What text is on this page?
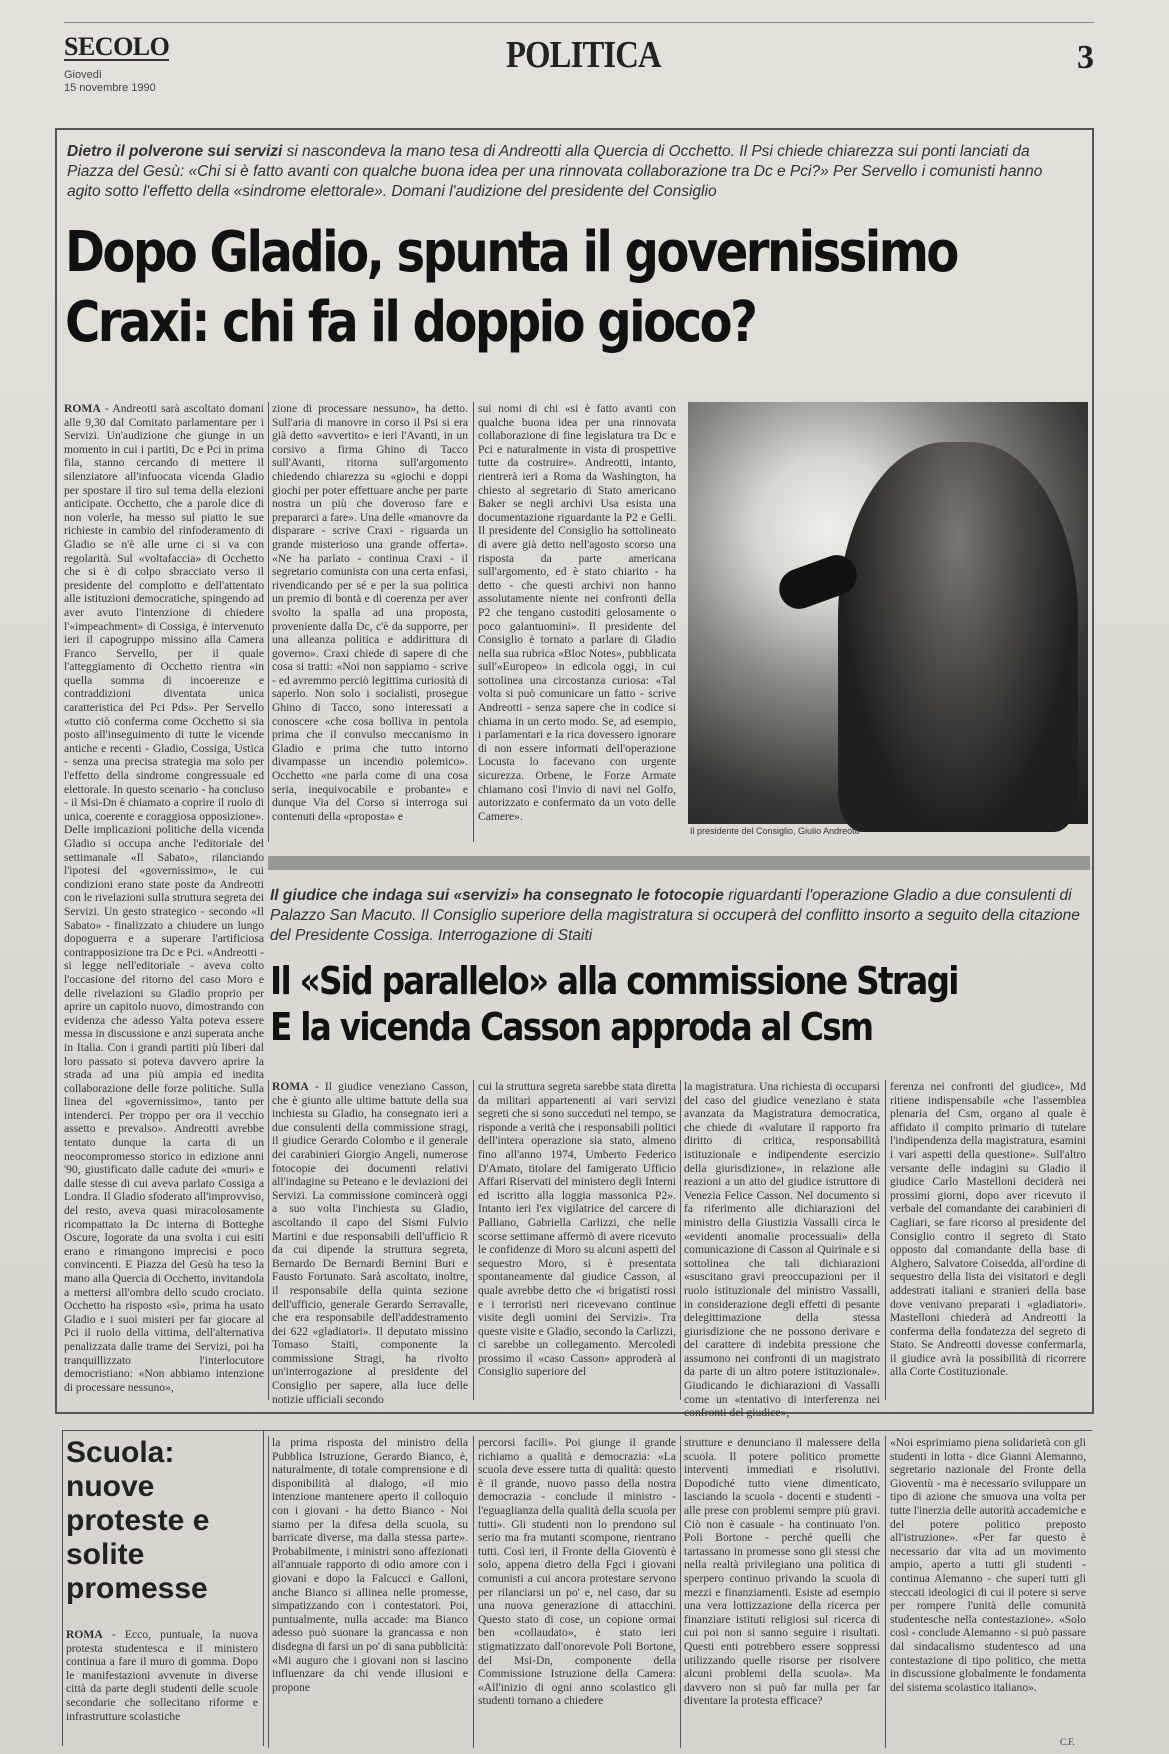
SECOLO
Giovedì
15 novembre 1990
POLITICA	3
Dietro il polverone sui servizi si nascondeva la mano tesa di Andreotti alla Quercia di Occhetto. Il Psi chiede chiarezza sui ponti lanciati da Piazza del Gesù: «Chi si è fatto avanti con qualche buona idea per una rinnovata collaborazione tra Dc e Pci?» Per Servello i comunisti hanno agito sotto l'effetto della «sindrome elettorale». Domani l'audizione del presidente del Consiglio
Dopo Gladio, spunta il governissimo
Craxi: chi fa il doppio gioco?
ROMA - Andreotti sarà ascoltato domani alle 9,30 dal Comitato parlamentare per i Servizi. Un'audizione che giunge in un momento in cui i partiti, Dc e Pci in prima fila, stanno cercando di mettere il silenziatore all'infuocata vicenda Gladio per spostare il tiro sul tema della elezioni anticipate. Occhetto, che a parole dice di non volerle, ha messo sul piatto le sue richieste in cambio del rinfoderamento di Gladio se n'è alle urne ci si va con regolarità. Sul «voltafaccia» di Occhetto che si è di colpo sbracciato verso il presidente del complotto e dell'attentato alle istituzioni democratiche, spingendo ad aver avuto l'intenzione di chiedere l'«impeachment» di Cossiga, è intervenuto ieri il capogruppo missino alla Camera Franco Servello, per il quale l'atteggiamento di Occhetto rientra «in quella somma di incoerenze e contraddizioni diventata unica caratteristica del Pci Pds». Per Servello «tutto ciò conferma come Occhetto si sia posto all'inseguimento di tutte le vicende antiche e recenti - Gladio, Cossiga, Ustica - senza una precisa strategia ma solo per l'effetto della sindrome congressuale ed elettorale. In questo scenario - ha concluso - il Msi-Dn è chiamato a coprire il ruolo di unica, coerente e coraggiosa opposizione». Delle implicazioni politiche della vicenda Gladio si occupa anche l'editoriale del settimanale «Il Sabato», rilanciando l'ipotesi del «governissimo», le cui condizioni erano state poste da Andreotti con le rivelazioni sulla struttura segreta dei Servizi. Un gesto strategico - secondo «Il Sabato» - finalizzato a chiudere un lungo dopoguerra e a superare l'artificiosa contrapposizione tra Dc e Pci. «Andreotti - si legge nell'editoriale - aveva colto l'occasione del ritorno del caso Moro e delle rivelazioni su Gladio proprio per aprire un capitolo nuovo, dimostrando con evidenza che adesso Yalta poteva essere messa in discussione e anzi superata anche in Italia. Con i grandi partiti più liberi dal loro passato si poteva davvero aprire la strada ad una più ampia ed inedita collaborazione delle forze politiche. Sulla linea del «governissimo», tanto per intenderci. Per troppo per ora il vecchio assetto e prevalso». Andreotti avrebbe tentato dunque la carta di un neocompromesso storico in edizione anni '90, giustificato dalle cadute dei «muri» e dalle stesse di cui aveva parlato Cossiga a Londra. Il Gladio sfoderato all'improvviso, del resto, aveva quasi miracolosamente ricompattato la Dc interna di Botteghe Oscure, logorate da una svolta i cui esiti erano e rimangono imprecisi e poco convincenti. E Piazza del Gesù ha teso la mano alla Quercia di Occhetto, invitandola a mettersi all'ombra dello scudo crociato. Occhetto ha risposto «sì», prima ha usato Gladio e i suoi misteri per far giocare al Pci il ruolo della vittima, dell'alternativa penalizzata dalle trame dei Servizi, poi ha tranquillizzato l'interlocutore democristiano: «Non abbiamo intenzione di processare nessuno»,
zione di processare nessuno», ha detto. Sull'aria di manovre in corso il Psi si era già detto «avvertito» e ieri l'Avanti, in un corsivo a firma Ghino di Tacco sull'Avanti, ritorna sull'argomento chiedendo chiarezza su «giochi e doppi giochi per poter effettuare anche per parte nostra un più che doveroso fare e prepararci a fare». Una delle «manovre da disparare - scrive Craxi - riguarda un grande misterioso una grande offerta». «Ne ha parlato - continua Craxi - il segretario comunista con una certa enfasi, rivendicando per sé e per la sua politica un premio di bontà e di coerenza per aver svolto la spalla ad una proposta, proveniente dalla Dc, c'è da supporre, per una alleanza politica e addirittura di governo». Craxi chiede di sapere di che cosa si tratti: «Noi non sappiamo - scrive - ed avremmo perciò legittima curiosità di saperlo. Non solo i socialisti, prosegue Ghino di Tacco, sono interessati a conoscere «che cosa bolliva in pentola prima che il convulso meccanismo in Gladio e prima che tutto intorno divampasse un incendio polemico». Occhetto «ne parla come di una cosa seria, inequivocabile e probante» e dunque Via del Corso si interroga sui contenuti della «proposta» e
sui nomi di chi «si è fatto avanti con qualche buona idea per una rinnovata collaborazione di fine legislatura tra Dc e Pci e naturalmente in vista di prospettive tutte da costruire». Andreotti, intanto, rientrerà ieri a Roma da Washington, ha chiesto al segretario di Stato americano Baker se negli archivi Usa esista una documentazione riguardante la P2 e Gelli. Il presidente del Consiglio ha sottolineato di avere già detto nell'agosto scorso una risposta da parte americana sull'argomento, ed è stato chiarito - ha detto - che questi archivi non hanno assolutamente niente nei confronti della P2 che tengano custoditi gelosamente o poco galantuomini». Il presidente del Consiglio è tornato a parlare di Gladio nella sua rubrica «Bloc Notes», pubblicata sull'«Europeo» in edicola oggi, in cui sottolinea una circostanza curiosa: «Tal volta si può comunicare un fatto - scrive Andreotti - senza sapere che in codice si chiama in un certo modo. Se, ad esempio, i parlamentari e la rica dovessero ignorare di non essere informati dell'operazione Locusta lo facevano con urgente sicurezza. Orbene, le Forze Armate chiamano così l'invio di navi nel Golfo, autorizzato e confermato da un voto delle Camere».
Il presidente del Consiglio, Giulio Andreotti
Il giudice che indaga sui «servizi» ha consegnato le fotocopie riguardanti l'operazione Gladio a due consulenti di Palazzo San Macuto. Il Consiglio superiore della magistratura si occuperà del conflitto insorto a seguito della citazione del Presidente Cossiga. Interrogazione di Staiti
Il «Sid parallelo» alla commissione Stragi
E la vicenda Casson approda al Csm
ROMA - Il giudice veneziano Casson, che è giunto alle ultime battute della sua inchiesta su Gladio, ha consegnato ieri a due consulenti della commissione stragi, il giudice Gerardo Colombo e il generale dei carabinieri Giorgio Angeli, numerose fotocopie dei documenti relativi all'indagine su Peteano e le deviazioni dei Servizi. La commissione comincerà oggi a suo volta l'inchiesta su Gladio, ascoltando il capo del Sismi Fulvio Martini e due responsabili dell'ufficio R da cui dipende la struttura segreta, Bernardo De Bernardi Bernini Buri e Fausto Fortunato. Sarà ascoltato, inoltre, il responsabile della quinta sezione dell'ufficio, generale Gerardo Serravalle, che era responsabile dell'addestramento dei 622 «gladiatori». Il deputato missino Tomaso Staiti, componente la commissione Stragi, ha rivolto un'interrogazione al presidente del Consiglio per sapere, alla luce delle notizie ufficiali secondo
cui la struttura segreta sarebbe stata diretta da militari appartenenti ai vari servizi segreti che si sono succeduti nel tempo, se risponde a verità che i responsabili politici dell'intera operazione sia stato, almeno fino all'anno 1974, Umberto Federico D'Amato, titolare del famigerato Ufficio Affari Riservati del ministero degli Interni ed iscritto alla loggia massonica P2». Intanto ieri l'ex vigilatrice del carcere di Palliano, Gabriella Carlizzi, che nelle scorse settimane affermò di avere ricevuto le confidenze di Moro su alcuni aspetti del sequestro Moro, si è presentata spontaneamente dal giudice Casson, al quale avrebbe detto che «i brigatisti rossi e i terroristi neri ricevevano continue visite degli uomini dei Servizi». Tra queste visite e Gladio, secondo la Carlizzi, ci sarebbe un collegamento. Mercoledì prossimo il «caso Casson» approderà al Consiglio superiore del
la magistratura. Una richiesta di occuparsi del caso del giudice veneziano è stata avanzata da Magistratura democratica, che chiede di «valutare il rapporto fra diritto di critica, responsabilità istituzionale e indipendente esercizio della giurisdizione», in relazione alle reazioni a un atto del giudice istruttore di Venezia Felice Casson. Nel documento si fa riferimento alle dichiarazioni del ministro della Giustizia Vassalli circa le «evidenti anomalie processuali» della comunicazione di Casson al Quirinale e si sottolinea che tali dichiarazioni «suscitano gravi preoccupazioni per il ruolo istituzionale del ministro Vassalli, in considerazione degli effetti di pesante delegittimazione della stessa giurisdizione che ne possono derivare e del carattere di indebita pressione che assumono nei confronti di un magistrato da parte di un altro potere istituzionale». Giudicando le dichiarazioni di Vassalli come un «tentativo di interferenza nei confronti del giudice»,
ferenza nei confronti del giudice», Md ritiene indispensabile «che l'assemblea plenaria del Csm, organo al quale è affidato il compito primario di tutelare l'indipendenza della magistratura, esamini i vari aspetti della questione». Sull'altro versante delle indagini su Gladio il giudice Carlo Mastelloni deciderà nei prossimi giorni, dopo aver ricevuto il verbale del comandante dei carabinieri di Cagliari, se fare ricorso al presidente del Consiglio contro il segreto di Stato opposto dal comandante della base di Alghero, Salvatore Coisedda, all'ordine di sequestro della lista dei visitatori e degli addestrati italiani e stranieri della base dove venivano preparati i «gladiatori». Mastelloni chiederà ad Andreotti la conferma della fondatezza del segreto di Stato. Se Andreotti dovesse confermarla, il giudice avrà la possibilità di ricorrere alla Corte Costituzionale.
Scuola: nuove proteste e solite promesse
ROMA - Ecco, puntuale, la nuova protesta studentesca e il ministero continua a fare il muro di gomma. Dopo le manifestazioni avvenute in diverse città da parte degli studenti delle scuole secondarie che sollecitano riforme e infrastrutture scolastiche
la prima risposta del ministro della Pubblica Istruzione, Gerardo Bianco, è, naturalmente, di totale comprensione e di disponibilità al dialogo, «il mio intenzione mantenere aperto il colloquio con i giovani - ha detto Bianco - Noi siamo per la difesa della scuola, su barricate diverse, ma dalla stessa parte». Probabilmente, i ministri sono affezionati all'annuale rapporto di odio amore con i giovani e dopo la Falcucci e Galloni, anche Bianco si allinea nelle promesse, simpatizzando con i contestatori. Poi, puntualmente, nulla accade: ma Bianco adesso può suonare la grancassa e non disdegna di farsi un po' di sana pubblicità: «Mi auguro che i giovani non si lascino influenzare da chi vende illusioni e propone
percorsi facili». Poi giunge il grande richiamo a qualità e democrazia: «La scuola deve essere tutta di qualità: questo è il grande, nuovo passo della nostra democrazia - conclude il ministro - l'eguaglianza della qualità della scuola per tutti». Gli studenti non lo prendono sul serio ma fra mutanti scompone, rientrano tutti. Così ieri, il Fronte della Gioventù è solo, appena dietro della Fgci i giovani comunisti a cui ancora protestare servono per rilanciarsi un po' e, nel caso, dar su una nuova generazione di attacchini. Questo stato di cose, un copione ormai ben «collaudato», è stato ieri stigmatizzato dall'onorevole Poli Bortone, del Msi-Dn, componente della Commissione Istruzione della Camera: «All'inizio di ogni anno scolastico gli studenti tornano a chiedere
strutture e denunciano il malessere della scuola. Il potere politico promette interventi immediati e risolutivi. Dopodiché tutto viene dimenticato, lasciando la scuola - docenti e studenti - alle prese con problemi sempre più gravi. Ciò non è casuale - ha continuato l'on. Poli Bortone - perché quelli che tartassano in promesse sono gli stessi che nella realtà privilegiano una politica di sperpero continuo privando la scuola di mezzi e finanziamenti. Esiste ad esempio una vera lottizzazione della ricerca per finanziare istituti religiosi sul ricerca di cui poi non si sanno seguire i risultati. Questi enti potrebbero essere soppressi utilizzando quelle risorse per risolvere alcuni problemi della scuola». Ma davvero non si può far nulla per far diventare la protesta efficace?
«Noi esprimiamo piena solidarietà con gli studenti in lotta - dice Gianni Alemanno, segretario nazionale del Fronte della Gioventù - ma è necessario sviluppare un tipo di azione che smuova una volta per tutte l'inerzia delle autorità accademiche e del potere politico preposto all'istruzione». «Per far questo è necessario dar vita ad un movimento ampio, aperto a tutti gli studenti - continua Alemanno - che superi tutti gli steccati ideologici di cui il potere si serve per rompere l'unità delle comunità studentesche nella contestazione». «Solo così - conclude Alemanno - si può passare dal sindacalismo studentesco ad una contestazione di tipo politico, che metta in discussione globalmente le fondamenta del sistema scolastico italiano».
C.F.
